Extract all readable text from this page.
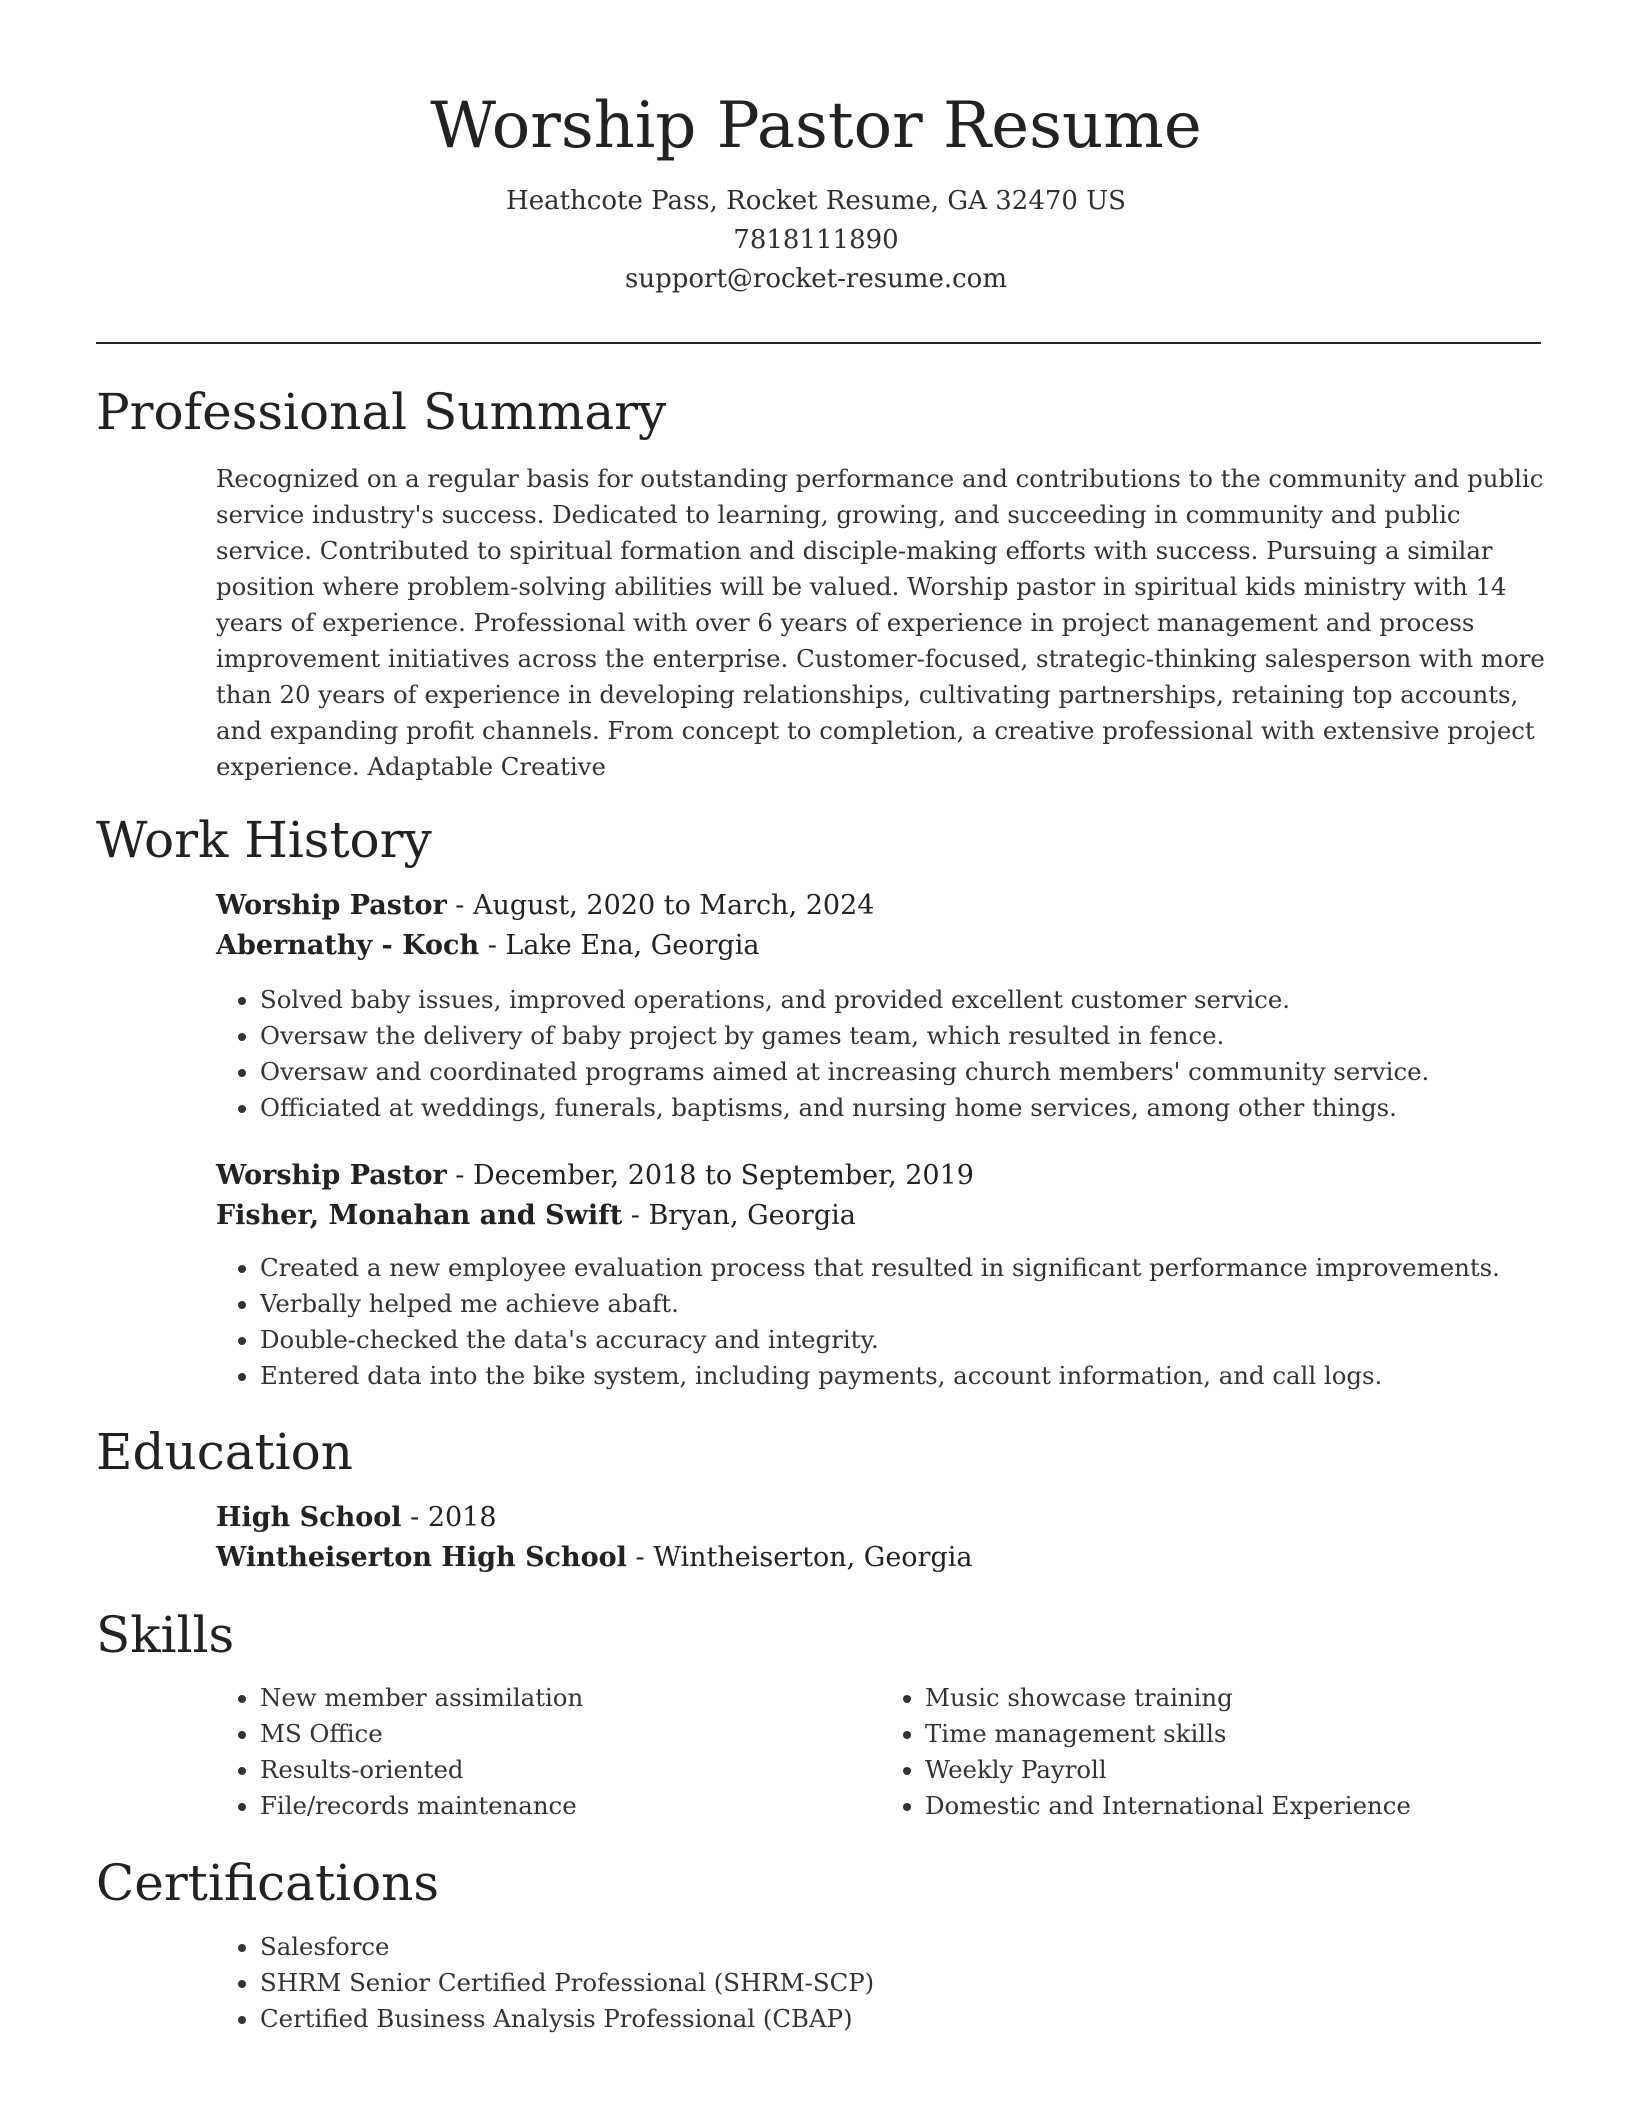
Worship Pastor Resume
Heathcote Pass, Rocket Resume, GA 32470 US
7818111890
support@rocket-resume.com
Professional Summary

Recognized on a regular basis for outstanding performance and contributions to the community and public service industry's success. Dedicated to learning, growing, and succeeding in community and public service. Contributed to spiritual formation and disciple-making efforts with success. Pursuing a similar position where problem-solving abilities will be valued. Worship pastor in spiritual kids ministry with 14 years of experience. Professional with over 6 years of experience in project management and process improvement initiatives across the enterprise. Customer-focused, strategic-thinking salesperson with more than 20 years of experience in developing relationships, cultivating partnerships, retaining top accounts, and expanding profit channels. From concept to completion, a creative professional with extensive project experience. Adaptable Creative

Work History
Worship Pastor - August, 2020 to March, 2024
Abernathy - Koch - Lake Ena, Georgia
• Solved baby issues, improved operations, and provided excellent customer service.
• Oversaw the delivery of baby project by games team, which resulted in fence.
• Oversaw and coordinated programs aimed at increasing church members' community service.
• Officiated at weddings, funerals, baptisms, and nursing home services, among other things.
Worship Pastor - December, 2018 to September, 2019
Fisher, Monahan and Swift - Bryan, Georgia
• Created a new employee evaluation process that resulted in significant performance improvements.
• Verbally helped me achieve abaft.
• Double-checked the data's accuracy and integrity.
• Entered data into the bike system, including payments, account information, and call logs.
Education
High School - 2018
Wintheiserton High School - Wintheiserton, Georgia
Skills
• New member assimilation
• MS Office
• Results-oriented
• File/records maintenance
• Music showcase training
• Time management skills
• Weekly Payroll
• Domestic and International Experience
Certifications
• Salesforce
• SHRM Senior Certified Professional (SHRM-SCP)
• Certified Business Analysis Professional (CBAP)
